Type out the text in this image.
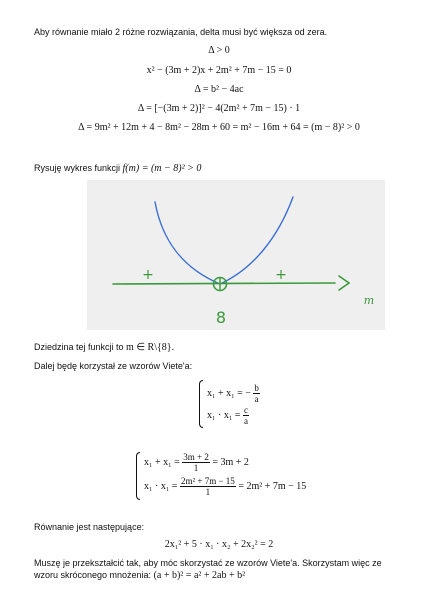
Aby równanie miało 2 różne rozwiązania, delta musi być większa od zera.
Δ > 0
x² − (3m + 2)x + 2m² + 7m − 15 = 0
Δ = b² − 4ac
Δ = [−(3m + 2)]² − 4(2m² + 7m − 15) · 1
Δ = 9m² + 12m + 4 − 8m² − 28m + 60 = m² − 16m + 64 = (m − 8)² > 0
Rysuję wykres funkcji f(m) = (m − 8)² > 0
+	+
8
m
Dziedzina tej funkcji to m ∈ R\{8}.
Dalej będę korzystał ze wzorów Viete'a:
x₁ + x₁ = − $\frac{b}{a}$
$x_1 \cdot x_1 = \frac{c}{a}$
$x_1 + x_1 = \frac{3m + 2}{1} = 3m + 2$
$x_1 \cdot x_1 = \frac{\text{2m² + 7m − 15}}{1} = 2m^2 + 7m - 15$
Równanie jest następujące:
2x₁² + 5 · x₁ · x₂ + 2x₂² = 2
Muszę je przekształcić tak, aby móc skorzystać ze wzorów Viete'a. Skorzystam więc ze
wzoru skróconego mnożenia: (a + b)² = a² + 2ab + b²
